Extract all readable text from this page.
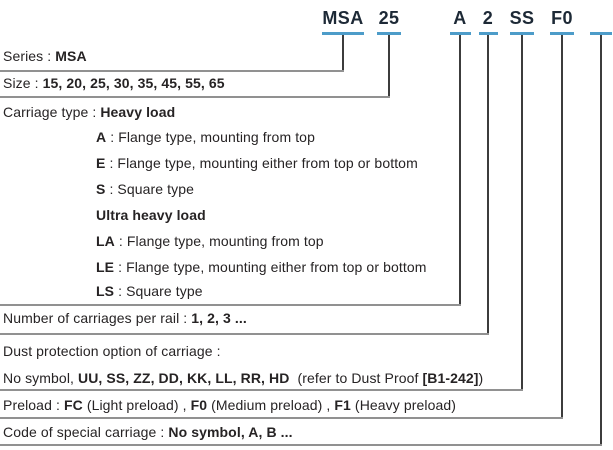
MSA 25	A 2 SS F0
Series : MSA
Size : 15, 20, 25, 30, 35, 45, 55, 65
Carriage type : Heavy load
A : Flange type, mounting from top
E : Flange type, mounting either from top or bottom
S : Square type
Ultra heavy load
LA : Flange type, mounting from top
LE : Flange type, mounting either from top or bottom
LS : Square type
Number of carriages per rail : 1, 2, 3 ...
Dust protection option of carriage :
No symbol, UU, SS, ZZ, DD, KK, LL, RR, HD  (refer to Dust Proof [B1-242])
Preload : FC (Light preload) , F0 (Medium preload) , F1 (Heavy preload)
Code of special carriage : No symbol, A, B ...
